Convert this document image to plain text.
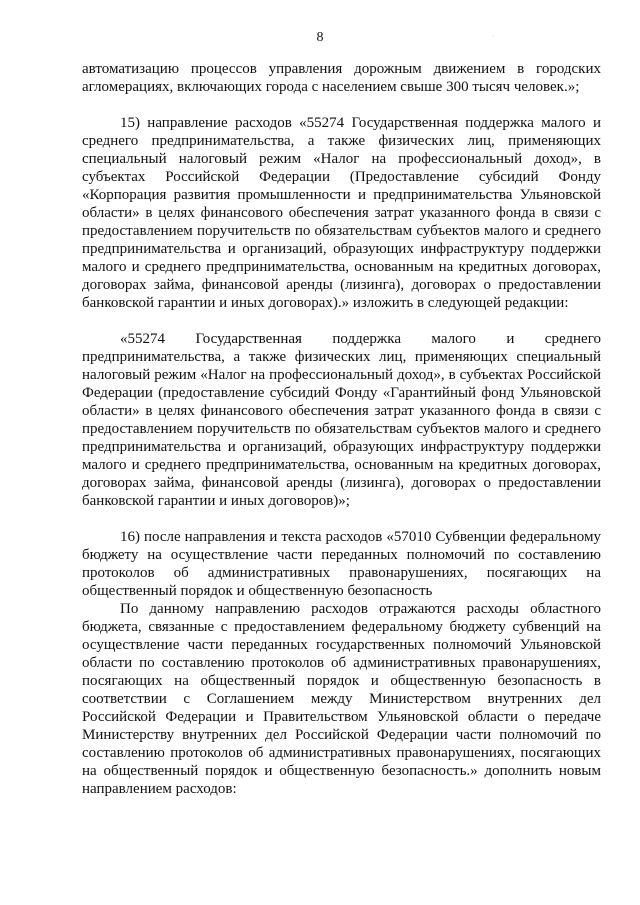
8	·

автоматизацию процессов управления дорожным движением в городских агломерациях, включающих города с населением свыше 300 тысяч человек.»;

15) направление расходов «55274 Государственная поддержка малого и среднего предпринимательства, а также физических лиц, применяющих специальный налоговый режим «Налог на профессиональный доход», в субъектах Российской Федерации (Предоставление субсидий Фонду «Корпорация развития промышленности и предпринимательства Ульяновской области» в целях финансового обеспечения затрат указанного фонда в связи с предоставлением поручительств по обязательствам субъектов малого и среднего предпринимательства и организаций, образующих инфраструктуру поддержки малого и среднего предпринимательства, основанным на кредитных договорах, договорах займа, финансовой аренды (лизинга), договорах о предоставлении банковской гарантии и иных договорах).» изложить в следующей редакции:

«55274 Государственная поддержка малого и среднего предпринимательства, а также физических лиц, применяющих специальный налоговый режим «Налог на профессиональный доход», в субъектах Российской Федерации (предоставление субсидий Фонду «Гарантийный фонд Ульяновской области» в целях финансового обеспечения затрат указанного фонда в связи с предоставлением поручительств по обязательствам субъектов малого и среднего предпринимательства и организаций, образующих инфраструктуру поддержки малого и среднего предпринимательства, основанным на кредитных договорах, договорах займа, финансовой аренды (лизинга), договорах о предоставлении банковской гарантии и иных договоров)»;

16) после направления и текста расходов «57010 Субвенции федеральному бюджету на осуществление части переданных полномочий по составлению протоколов об административных правонарушениях, посягающих на общественный порядок и общественную безопасность

По данному направлению расходов отражаются расходы областного бюджета, связанные с предоставлением федеральному бюджету субвенций на осуществление части переданных государственных полномочий Ульяновской области по составлению протоколов об административных правонарушениях, посягающих на общественный порядок и общественную безопасность в соответствии с Соглашением между Министерством внутренних дел Российской Федерации и Правительством Ульяновской области о передаче Министерству внутренних дел Российской Федерации части полномочий по составлению протоколов об административных правонарушениях, посягающих на общественный порядок и общественную безопасность.» дополнить новым направлением расходов:
